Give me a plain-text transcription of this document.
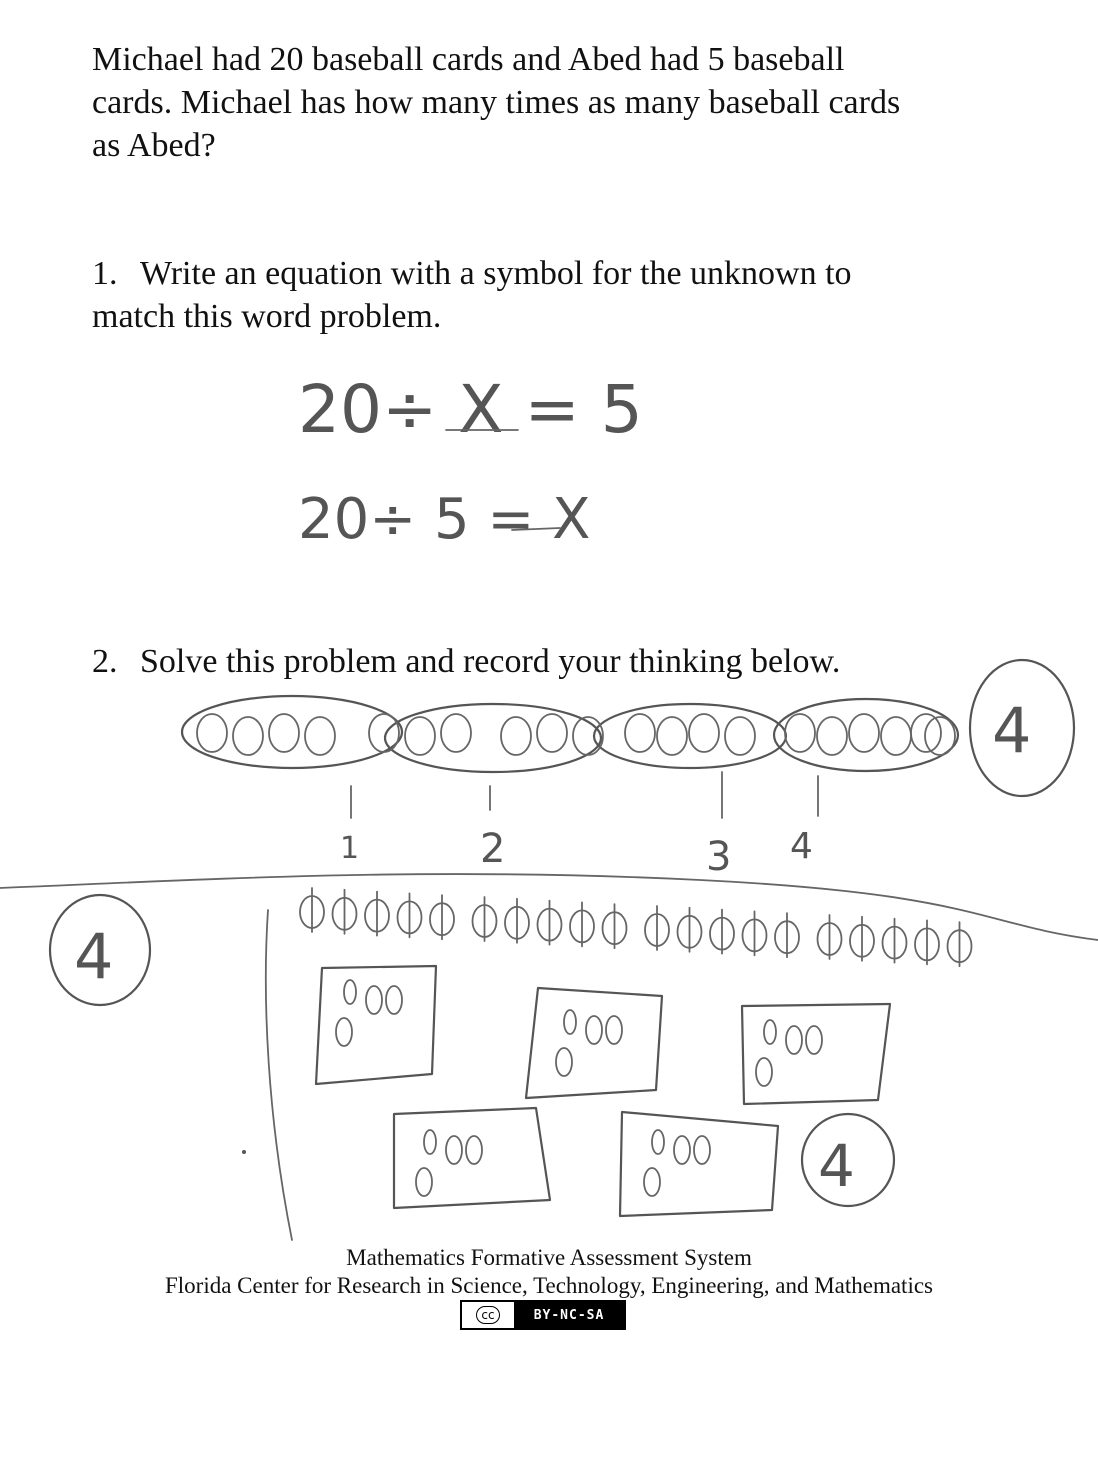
Michael had 20 baseball cards and Abed had 5 baseball
cards. Michael has how many times as many baseball cards
as Abed?
1. Write an equation with a symbol for the unknown to
match this word problem.
2. Solve this problem and record your thinking below.
20÷ X = 5
20÷ 5 = X
1	2	3 4
4
4
4
Mathematics Formative Assessment System
Florida Center for Research in Science, Technology, Engineering, and Mathematics
cc	BY-NC-SA
